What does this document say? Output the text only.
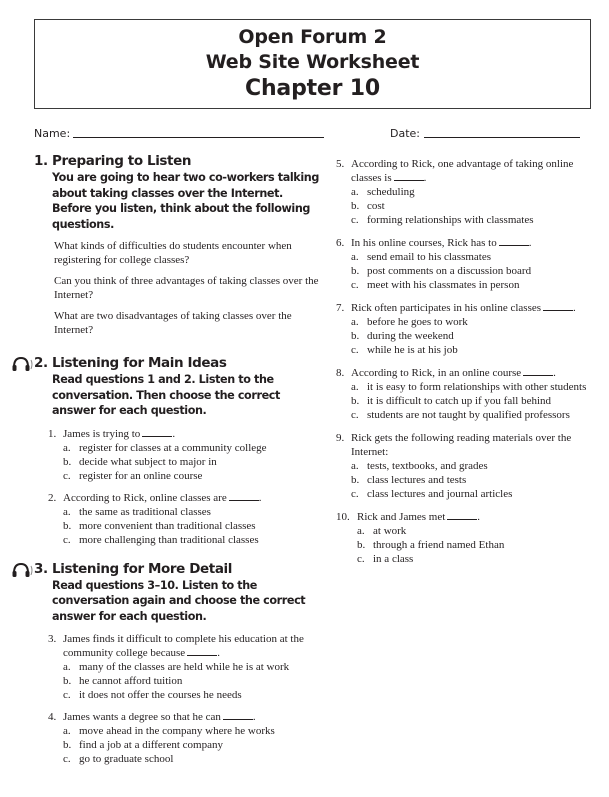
Open Forum 2
Web Site Worksheet
Chapter 10
Name:	Date:
1. Preparing to Listen
You are going to hear two co-workers talking about taking classes over the Internet. Before you listen, think about the following questions.
What kinds of difficulties do students encounter when registering for college classes?
Can you think of three advantages of taking classes over the Internet?
What are two disadvantages of taking classes over the Internet?
2. Listening for Main Ideas
Read questions 1 and 2. Listen to the conversation. Then choose the correct answer for each question.
1. James is trying to	.
a. register for classes at a community college
b. decide what subject to major in
c. register for an online course
2. According to Rick, online classes are	.
a. the same as traditional classes
b. more convenient than traditional classes
c. more challenging than traditional classes
3. Listening for More Detail
Read questions 3–10. Listen to the conversation again and choose the correct answer for each question.
3. James finds it difficult to complete his education at the community college because	.
a. many of the classes are held while he is at work
b. he cannot afford tuition
c. it does not offer the courses he needs
4. James wants a degree so that he can	.
a. move ahead in the company where he works
b. find a job at a different company
c. go to graduate school
5. According to Rick, one advantage of taking online classes is	.
a. scheduling
b. cost
c. forming relationships with classmates
6. In his online courses, Rick has to	.
a. send email to his classmates
b. post comments on a discussion board
c. meet with his classmates in person
7. Rick often participates in his online classes	.
a. before he goes to work
b. during the weekend
c. while he is at his job
8. According to Rick, in an online course	.
a. it is easy to form relationships with other students
b. it is difficult to catch up if you fall behind
c. students are not taught by qualified professors
9. Rick gets the following reading materials over the Internet:
a. tests, textbooks, and grades
b. class lectures and tests
c. class lectures and journal articles
10. Rick and James met	.
a. at work
b. through a friend named Ethan
c. in a class
